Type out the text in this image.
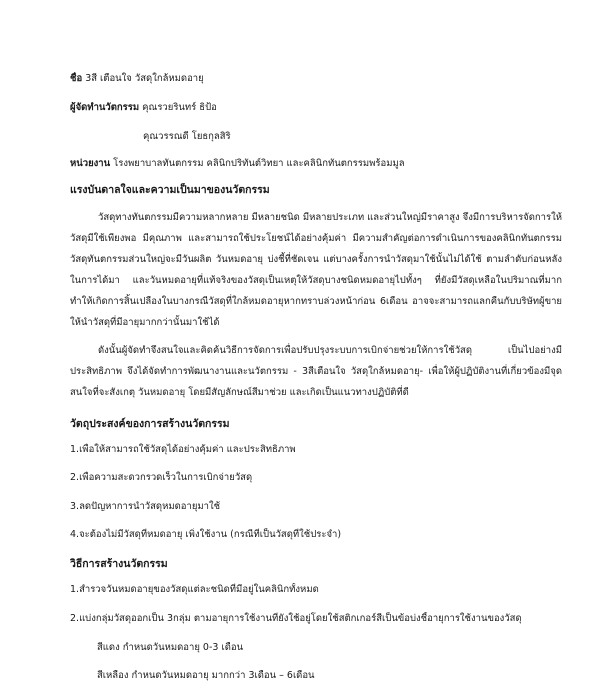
ชื่อ 3สี เตือนใจ วัสดุใกล้หมดอายุ
ผู้จัดทำนวัตกรรม คุณรวยรินทร์ ธิป้อ
คุณวรรณดี โยธกุลสิริ
หน่วยงาน โรงพยาบาลทันตกรรม คลินิกปริทันต์วิทยา และคลินิกทันตกรรมพร้อมมูล
แรงบันดาลใจและความเป็นมาของนวัตกรรม
วัสดุทางทันตกรรมมีความหลากหลาย มีหลายชนิด มีหลายประเภท และส่วนใหญ่มีราคาสูง จึงมีการบริหารจัดการให้วัสดุมีใช้เพียงพอ มีคุณภาพ และสามารถใช้ประโยชน์ได้อย่างคุ้มค่า มีความสำคัญต่อการดำเนินการของคลินิกทันตกรรม วัสดุทันตกรรมส่วนใหญ่จะมีวันผลิต วันหมดอายุ บ่งชี้ที่ชัดเจน แต่บางครั้งการนำวัสดุมาใช้นั้นไม่ได้ใช้ ตามลำดับก่อนหลังในการได้มา และวันหมดอายุที่แท้จริงของวัสดุเป็นเหตุให้วัสดุบางชนิดหมดอายุไปทั้งๆ ที่ยังมีวัสดุเหลือในปริมาณที่มาก ทำให้เกิดการสิ้นเปลืองในบางกรณีวัสดุที่ใกล้หมดอายุหากทราบล่วงหน้าก่อน 6เดือน อาจจะสามารถแลกคืนกับบริษัทผู้ขายให้นำวัสดุที่มีอายุมากกว่านั้นมาใช้ได้
ดังนั้นผู้จัดทำจึงสนใจและคิดค้นวิธีการจัดการเพื่อปรับปรุงระบบการเบิกจ่ายช่วยให้การใช้วัสดุ เป็นไปอย่างมีประสิทธิภาพ จึงได้จัดทำการพัฒนางานและนวัตกรรม - 3สีเตือนใจ วัสดุใกล้หมดอายุ- เพื่อให้ผู้ปฏิบัติงานที่เกี่ยวข้องมีจุดสนใจที่จะสังเกตุ วันหมดอายุ โดยมีสัญลักษณ์สีมาช่วย และเกิดเป็นแนวทางปฏิบัติที่ดี
วัตถุประสงค์ของการสร้างนวัตกรรม
1.เพื่อให้สามารถใช้วัสดุได้อย่างคุ้มค่า และประสิทธิภาพ
2.เพื่อความสะดวกรวดเร็วในการเบิกจ่ายวัสดุ
3.ลดปัญหาการนำวัสดุหมดอายุมาใช้
4.จะต้องไม่มีวัสดุที่หมดอายุ เพิ่งใช้งาน (กรณีที่เป็นวัสดุที่ใช้ประจำ)
วิธีการสร้างนวัตกรรม
1.สำรวจวันหมดอายุของวัสดุแต่ละชนิดที่มีอยู่ในคลินิกทั้งหมด
2.แบ่งกลุ่มวัสดุออกเป็น 3กลุ่ม ตามอายุการใช้งานที่ยังใช้อยู่โดยใช้สติกเกอร์สีเป็นข้อบ่งชี้อายุการใช้งานของวัสดุ
สีแดง กำหนดวันหมดอายุ 0-3 เดือน
สีเหลือง กำหนดวันหมดอายุ มากกว่า 3เดือน – 6เดือน
